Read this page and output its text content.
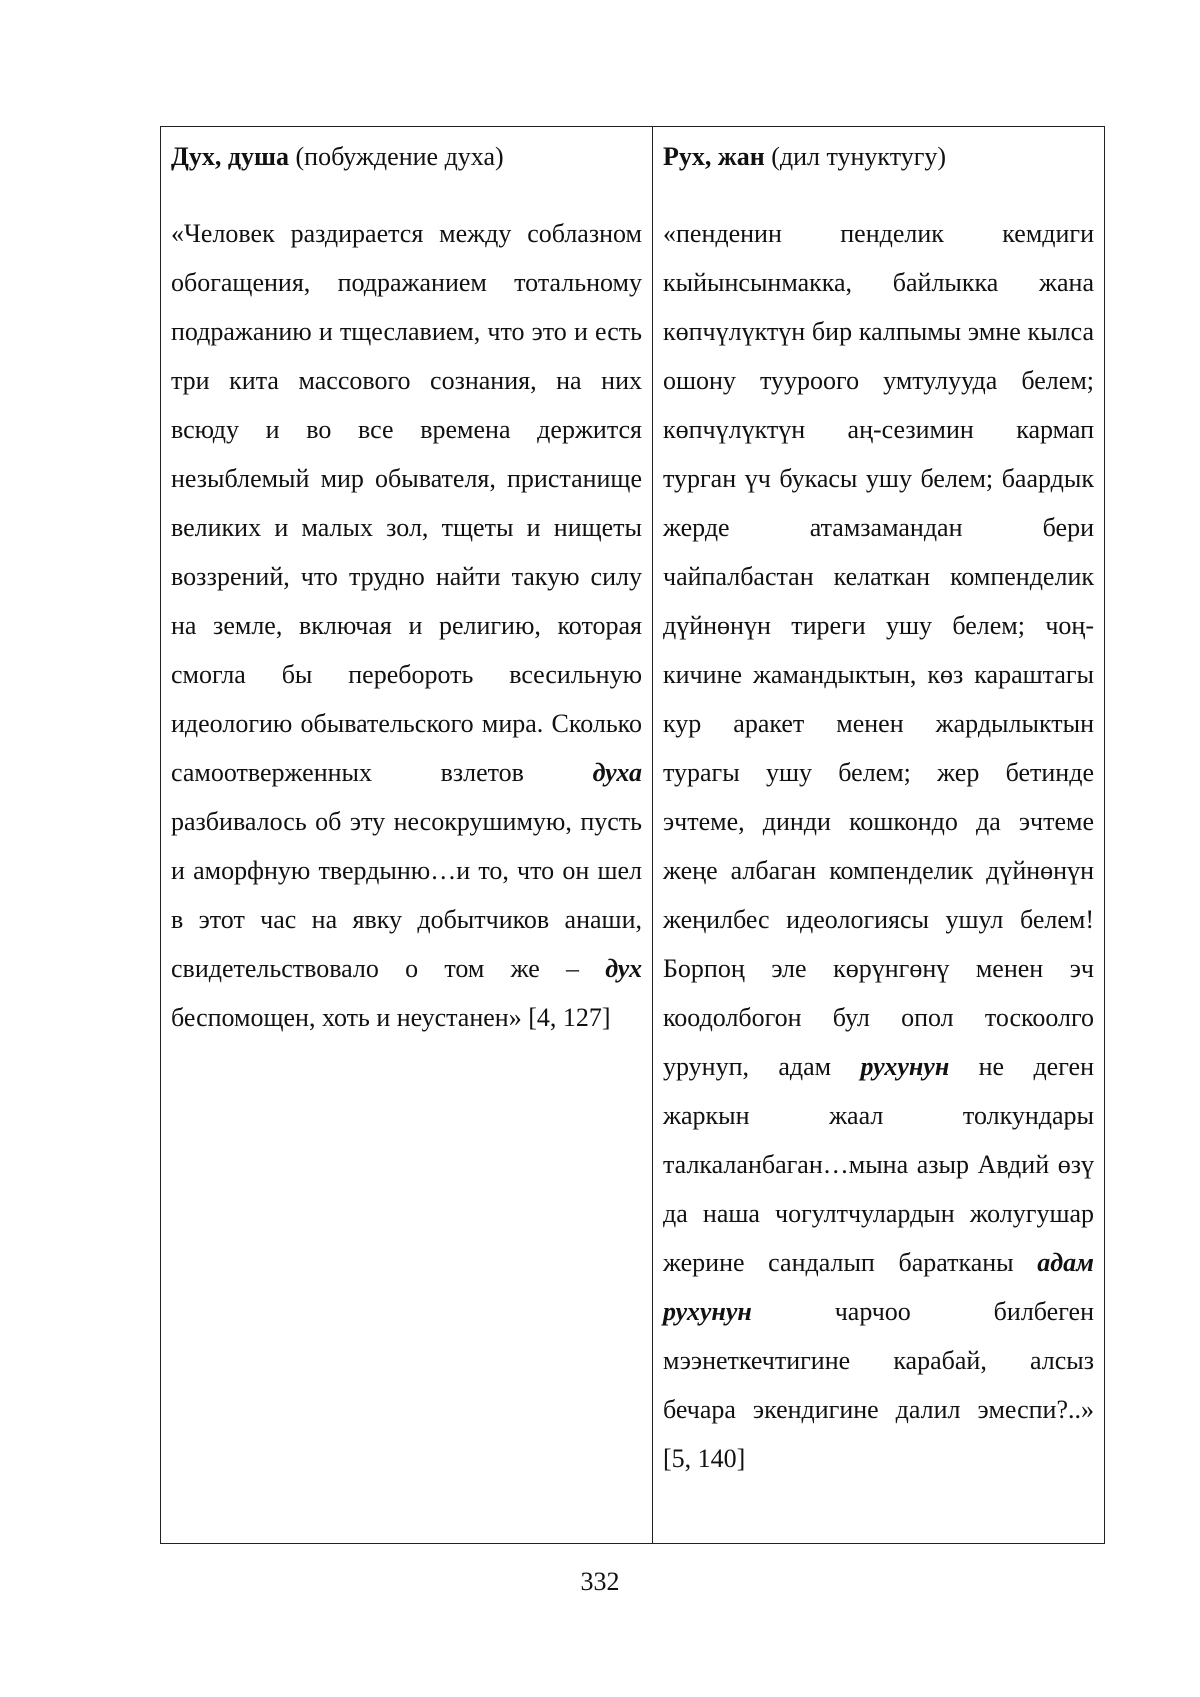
Дух, душа (побуждение духа)
«Человек раздирается между соблазном обогащения, подражанием тотальному подражанию и тщеславием, что это и есть три кита массового сознания, на них всюду и во все времена держится незыблемый мир обывателя, пристанище великих и малых зол, тщеты и нищеты воззрений, что трудно найти такую силу на земле, включая и религию, которая смогла бы перебороть всесильную идеологию обывательского мира. Сколько самоотверженных взлетов духа разбивалось об эту несокрушимую, пусть и аморфную твердыню…и то, что он шел в этот час на явку добытчиков анаши, свидетельствовало о том же – дух беспомощен, хоть и неустанен» [4, 127]

Рух, жан (дил тунуктугу)
«пенденин пенделик кемдиги кыйынсынмакка, байлыкка жана көпчүлүктүн бир калпымы эмне кылса ошону тууроого умтулууда белем; көпчүлүктүн аң-сезимин кармап турган үч букасы ушу белем; баардык жерде атамзамандан бери чайпалбастан келаткан компенделик дүйнөнүн тиреги ушу белем; чоң-кичине жамандыктын, көз караштагы кур аракет менен жардылыктын турагы ушу белем; жер бетинде эчтеме, динди кошкондо да эчтеме жеңе албаган компенделик дүйнөнүн жеңилбес идеологиясы ушул белем! Борпоң эле көрүнгөнү менен эч коодолбогон бул опол тоскоолго урунуп, адам рухунун не деген жаркын жаал толкундары талкаланбаган…мына азыр Авдий өзү да наша чогултчулардын жолугушар жерине сандалып баратканы адам рухунун чарчоо билбеген мээнеткечтигине карабай, алсыз бечара экендигине далил эмеспи?..» [5, 140]
332
